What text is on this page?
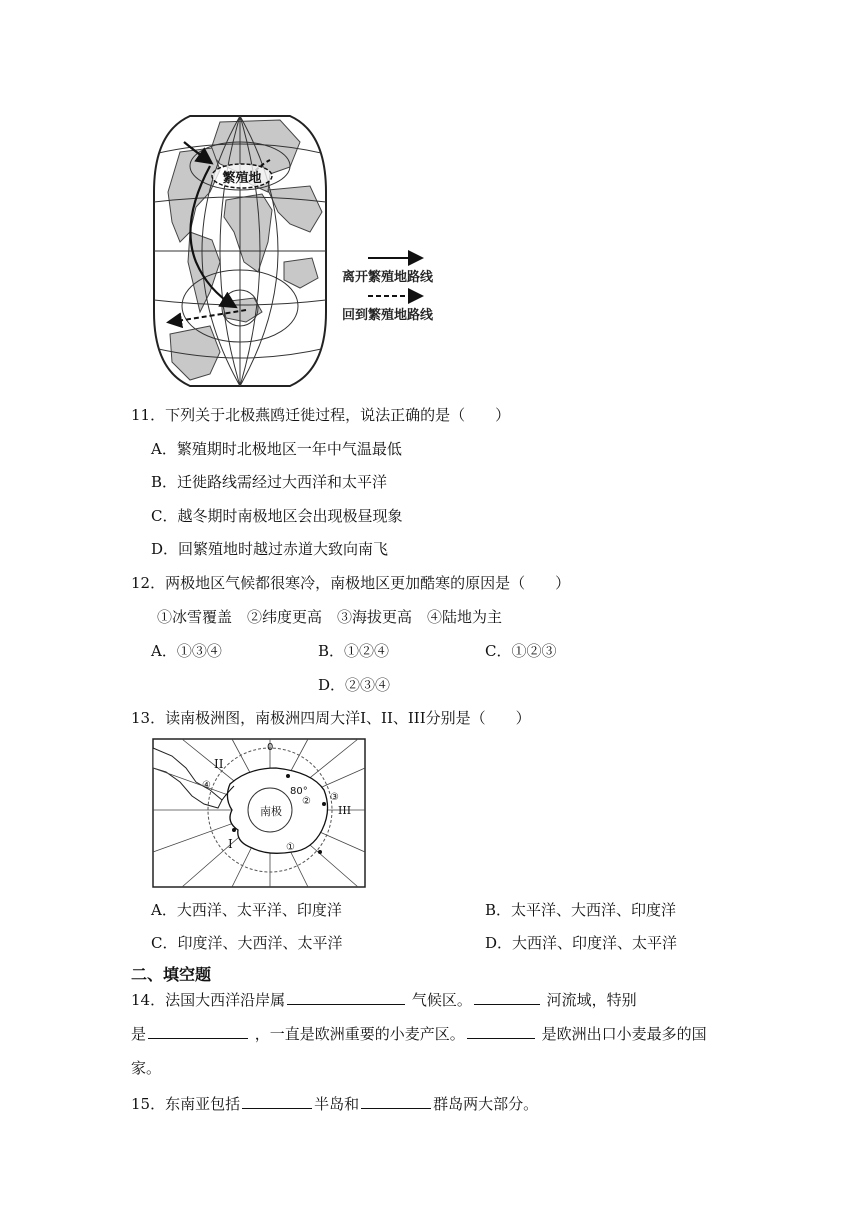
繁殖地
离开繁殖地路线
回到繁殖地路线
11．下列关于北极燕鸥迁徙过程，说法正确的是（　　）
A．繁殖期时北极地区一年中气温最低
B．迁徙路线需经过大西洋和太平洋
C．越冬期时南极地区会出现极昼现象
D．回繁殖地时越过赤道大致向南飞
12．两极地区气候都很寒冷，南极地区更加酷寒的原因是（　　）
①冰雪覆盖　②纬度更高　③海拔更高　④陆地为主
A．①③④	B．①②④	C．①②③
D．②③④
13．读南极洲图，南极洲四周大洋I、II、III分别是（　　）
0
80°
南极
I
II
III
①
② ③
④
A．大西洋、太平洋、印度洋	B．太平洋、大西洋、印度洋
C．印度洋、大西洋、太平洋	D．大西洋、印度洋、太平洋
二、填空题
14．法国大西洋沿岸属	气候区。	河流域，特别
是	，一直是欧洲重要的小麦产区。	是欧洲出口小麦最多的国
家。
15．东南亚包括	半岛和	群岛两大部分。
